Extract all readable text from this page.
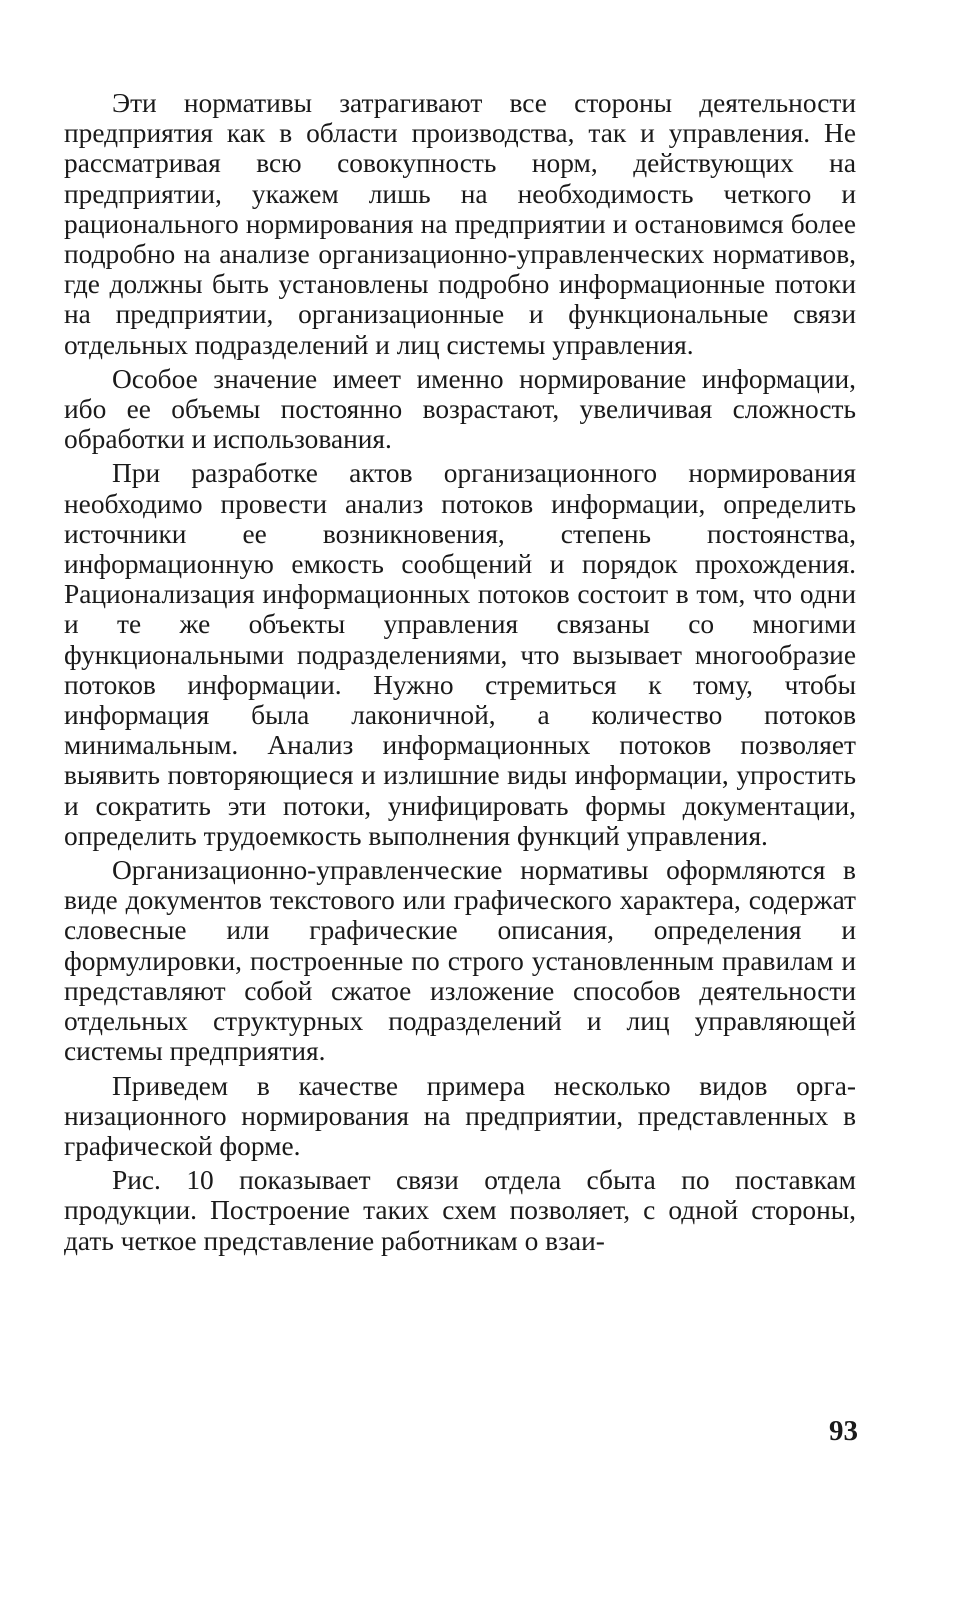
Эти нормативы затрагивают все стороны деятельности предприятия как в области производства, так и управления. Не рассматривая всю совокупность норм, действующих на предприятии, укажем лишь на необходимость четкого и рационального нормирования на предприятии и остановимся более подробно на анализе организационно-управленческих нормативов, где должны быть установлены подробно информационные потоки на предприятии, организационные и функциональные связи отдельных подразделений и лиц системы управления.

Особое значение имеет именно нормирование информации, ибо ее объемы постоянно возрастают, увеличивая сложность обработки и использования.

При разработке актов организационного нормирования необходимо провести анализ потоков информации, определить источники ее возникновения, степень постоянства, информационную емкость сообщений и порядок прохождения. Рационализация информационных потоков состоит в том, что одни и те же объекты управления связаны со многими функциональными подразделениями, что вызывает многообразие потоков информации. Нужно стремиться к тому, чтобы информация была лаконичной, а количество потоков минимальным. Анализ информационных потоков позволяет выявить повторяющиеся и излишние виды информации, упростить и сократить эти потоки, унифицировать формы документации, определить трудоемкость выполнения функций управления.

Организационно-управленческие нормативы оформляются в виде документов текстового или графического характера, содержат словесные или графические описания, определения и формулировки, построенные по строго установленным правилам и представляют собой сжатое изложение способов деятельности отдельных структурных подразделений и лиц управляющей системы предприятия.

Приведем в качестве примера несколько видов организационного нормирования на предприятии, представленных в графической форме.

Рис. 10 показывает связи отдела сбыта по поставкам продукции. Построение таких схем позволяет, с одной стороны, дать четкое представление работникам о взаи-

93
